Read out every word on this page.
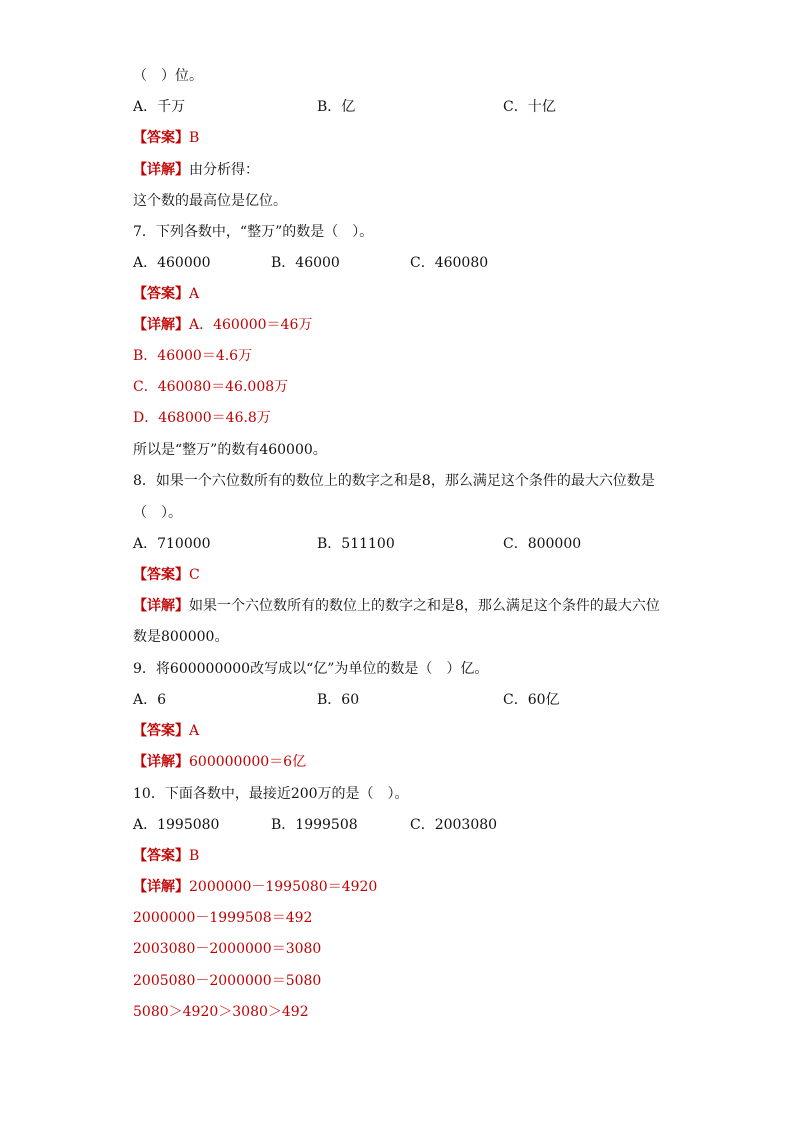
（　）位。
A．千万	B．亿	C．十亿
【答案】B
【详解】由分析得：
这个数的最高位是亿位。
7．下列各数中，“整万”的数是（　）。
A．460000	B．46000	C．460080
【答案】A
【详解】A．460000＝46万
B．46000＝4.6万
C．460080＝46.008万
D．468000＝46.8万
所以是“整万”的数有460000。
8．如果一个六位数所有的数位上的数字之和是8，那么满足这个条件的最大六位数是
（　）。
A．710000	B．511100	C．800000
【答案】C
【详解】如果一个六位数所有的数位上的数字之和是8，那么满足这个条件的最大六位
数是800000。
9．将600000000改写成以“亿”为单位的数是（　）亿。
A．6	B．60	C．60亿
【答案】A
【详解】600000000＝6亿
10．下面各数中，最接近200万的是（　）。
A．1995080	B．1999508	C．2003080
【答案】B
【详解】2000000－1995080＝4920
2000000－1999508＝492
2003080－2000000＝3080
2005080－2000000＝5080
5080＞4920＞3080＞492
